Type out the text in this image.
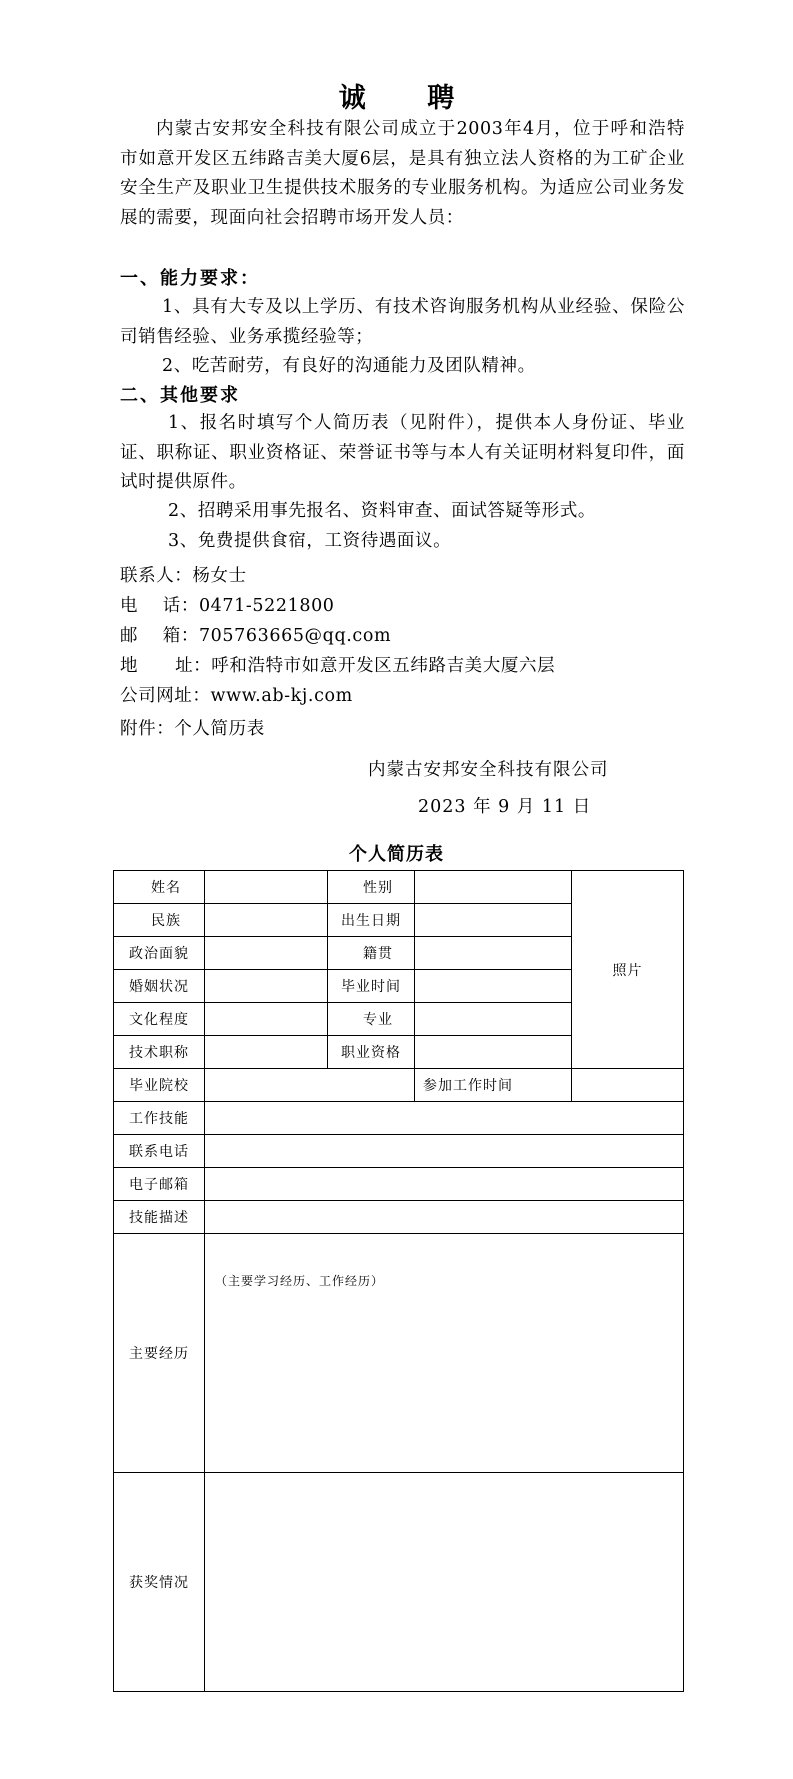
诚 聘
内蒙古安邦安全科技有限公司成立于2003年4月，位于呼和浩特市如意开发区五纬路吉美大厦6层，是具有独立法人资格的为工矿企业安全生产及职业卫生提供技术服务的专业服务机构。为适应公司业务发展的需要，现面向社会招聘市场开发人员：
一、能力要求：
1、具有大专及以上学历、有技术咨询服务机构从业经验、保险公司销售经验、业务承揽经验等；
2、吃苦耐劳，有良好的沟通能力及团队精神。
二、其他要求
1、报名时填写个人简历表（见附件），提供本人身份证、毕业证、职称证、职业资格证、荣誉证书等与本人有关证明材料复印件，面试时提供原件。
2、招聘采用事先报名、资料审查、面试答疑等形式。
3、免费提供食宿，工资待遇面议。
联系人：杨女士
电    话：0471-5221800
邮    箱：705763665@qq.com
地      址：呼和浩特市如意开发区五纬路吉美大厦六层
公司网址：www.ab-kj.com
附件：个人简历表
内蒙古安邦安全科技有限公司
2023 年 9 月 11 日
个人简历表
姓名		性别		照片
民族		出生日期		
政治面貌		籍贯		
婚姻状况		毕业时间		
文化程度		专业		
技术职称		职业资格		
毕业院校			参加工作时间	
工作技能				
联系电话				
电子邮箱				
技能描述				
主要经历	（主要学习经历、工作经历）			
获奖情况				
